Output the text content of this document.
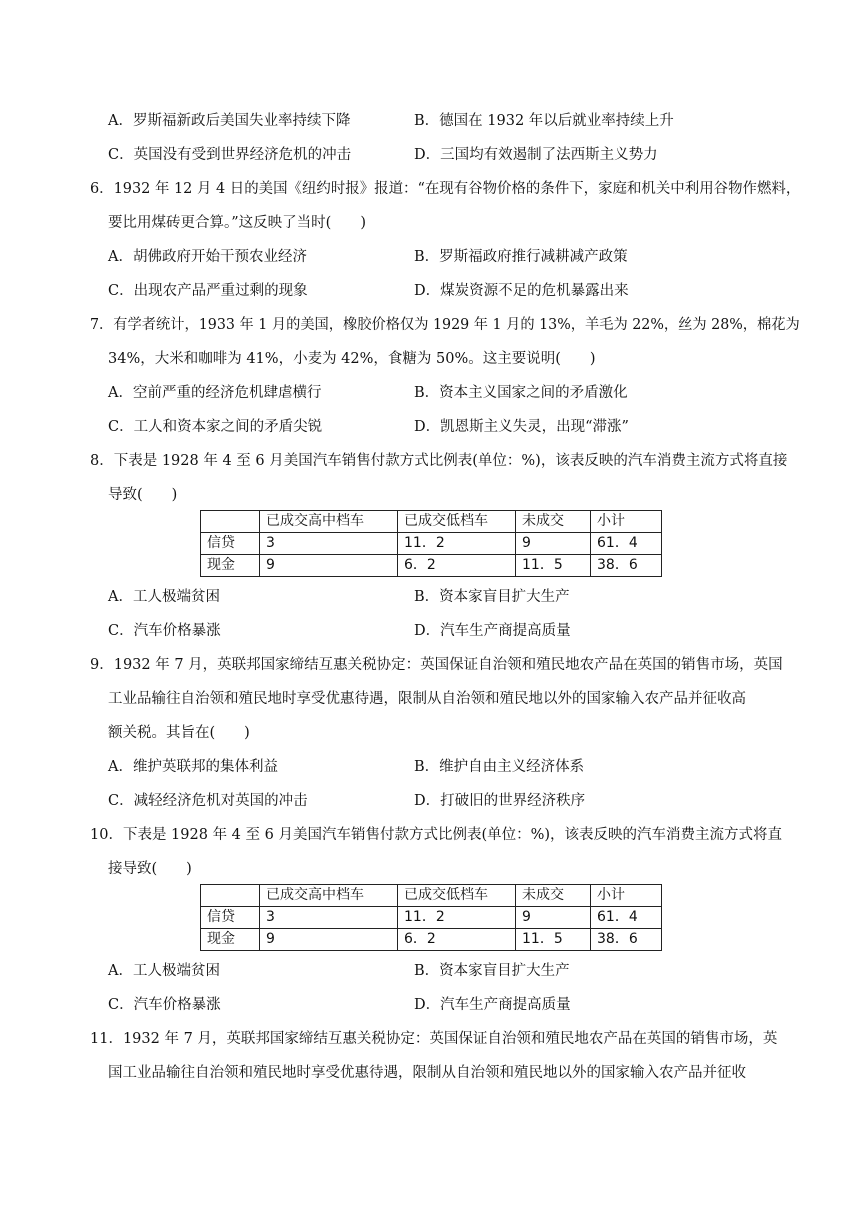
A．罗斯福新政后美国失业率持续下降	B．德国在 1932 年以后就业率持续上升
C．英国没有受到世界经济危机的冲击	D．三国均有效遏制了法西斯主义势力
6．1932 年 12 月 4 日的美国《纽约时报》报道：“在现有谷物价格的条件下，家庭和机关中利用谷物作燃料，
要比用煤砖更合算。”这反映了当时(　　)
A．胡佛政府开始干预农业经济	B．罗斯福政府推行减耕减产政策
C．出现农产品严重过剩的现象	D．煤炭资源不足的危机暴露出来
7．有学者统计，1933 年 1 月的美国，橡胶价格仅为 1929 年 1 月的 13%，羊毛为 22%，丝为 28%，棉花为
34%，大米和咖啡为 41%，小麦为 42%，食糖为 50%。这主要说明(　　)
A．空前严重的经济危机肆虐横行	B．资本主义国家之间的矛盾激化
C．工人和资本家之间的矛盾尖锐	D．凯恩斯主义失灵，出现“滞涨”
8．下表是 1928 年 4 至 6 月美国汽车销售付款方式比例表(单位：%)，该表反映的汽车消费主流方式将直接
导致(　　)
	已成交高中档车	已成交低档车	未成交	小计
信贷	3	11．2	9	61．4
现金	9	6．2	11．5	38．6
A．工人极端贫困	B．资本家盲目扩大生产
C．汽车价格暴涨	D．汽车生产商提高质量
9．1932 年 7 月，英联邦国家缔结互惠关税协定：英国保证自治领和殖民地农产品在英国的销售市场，英国
工业品输往自治领和殖民地时享受优惠待遇，限制从自治领和殖民地以外的国家输入农产品并征收高
额关税。其旨在(　　)
A．维护英联邦的集体利益	B．维护自由主义经济体系
C．减轻经济危机对英国的冲击	D．打破旧的世界经济秩序
10．下表是 1928 年 4 至 6 月美国汽车销售付款方式比例表(单位：%)，该表反映的汽车消费主流方式将直
接导致(　　)
	已成交高中档车	已成交低档车	未成交	小计
信贷	3	11．2	9	61．4
现金	9	6．2	11．5	38．6
A．工人极端贫困	B．资本家盲目扩大生产
C．汽车价格暴涨	D．汽车生产商提高质量
11．1932 年 7 月，英联邦国家缔结互惠关税协定：英国保证自治领和殖民地农产品在英国的销售市场，英
国工业品输往自治领和殖民地时享受优惠待遇，限制从自治领和殖民地以外的国家输入农产品并征收
